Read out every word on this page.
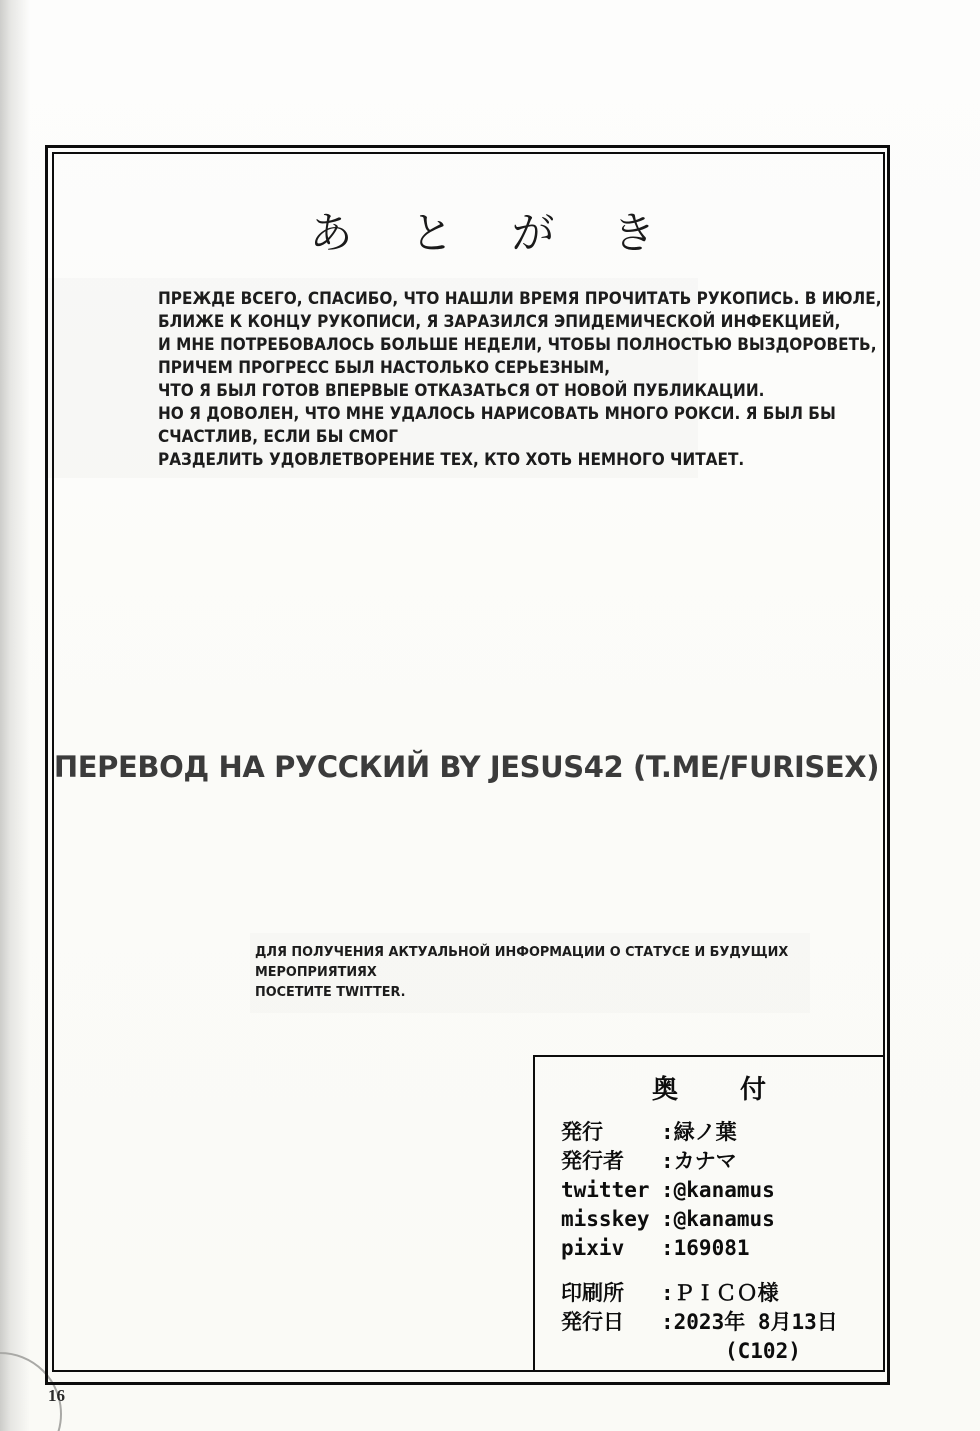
あとがき
ПРЕЖДЕ ВСЕГО, СПАСИБО, ЧТО НАШЛИ ВРЕМЯ ПРОЧИТАТЬ РУКОПИСЬ. В ИЮЛЕ,
БЛИЖЕ К КОНЦУ РУКОПИСИ, Я ЗАРАЗИЛСЯ ЭПИДЕМИЧЕСКОЙ ИНФЕКЦИЕЙ,
И МНЕ ПОТРЕБОВАЛОСЬ БОЛЬШЕ НЕДЕЛИ, ЧТОБЫ ПОЛНОСТЬЮ ВЫЗДОРОВЕТЬ,
ПРИЧЕМ ПРОГРЕСС БЫЛ НАСТОЛЬКО СЕРЬЕЗНЫМ,
ЧТО Я БЫЛ ГОТОВ ВПЕРВЫЕ ОТКАЗАТЬСЯ ОТ НОВОЙ ПУБЛИКАЦИИ.
НО Я ДОВОЛЕН, ЧТО МНЕ УДАЛОСЬ НАРИСОВАТЬ МНОГО РОКСИ. Я БЫЛ БЫ
СЧАСТЛИВ, ЕСЛИ БЫ СМОГ
РАЗДЕЛИТЬ УДОВЛЕТВОРЕНИЕ ТЕХ, КТО ХОТЬ НЕМНОГО ЧИТАЕТ.
ПЕРЕВОД НА РУССКИЙ BY JESUS42 (T.ME/FURISEX)
ДЛЯ ПОЛУЧЕНИЯ АКТУАЛЬНОЙ ИНФОРМАЦИИ О СТАТУСЕ И БУДУЩИХ
МЕРОПРИЯТИЯХ
ПОСЕТИТЕ TWITTER.
奥　付
発行	:緑ノ葉
発行者	:カナマ
twitter :@kanamus
misskey :@kanamus
pixiv	:169081
印刷所	:ＰＩＣＯ様
発行日	:2023年 8月13日
(C102)
16
